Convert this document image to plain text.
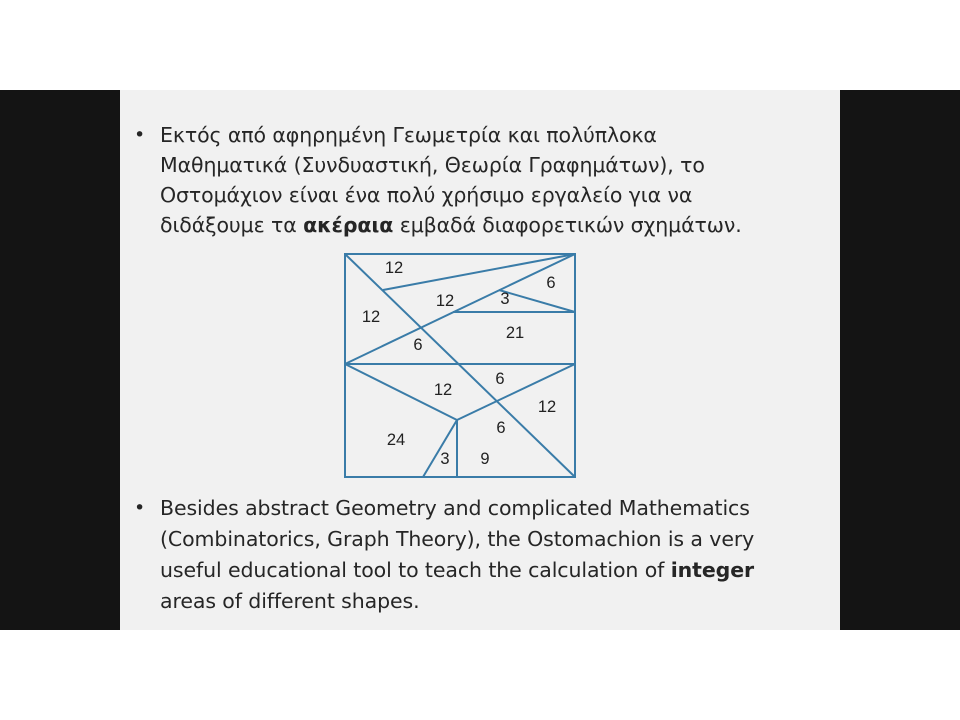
• Εκτός από αφηρημένη Γεωμετρία και πολύπλοκα
Μαθηματικά (Συνδυαστική, Θεωρία Γραφημάτων), το
Οστομάχιον είναι ένα πολύ χρήσιμο εργαλείο για να
διδάξουμε τα ακέραια εμβαδά διαφορετικών σχημάτων.
12
6
12	3
12
21
6
6
12
12
24
6
3 9
• Besides abstract Geometry and complicated Mathematics
(Combinatorics, Graph Theory), the Ostomachion is a very
useful educational tool to teach the calculation of integer
areas of different shapes.
